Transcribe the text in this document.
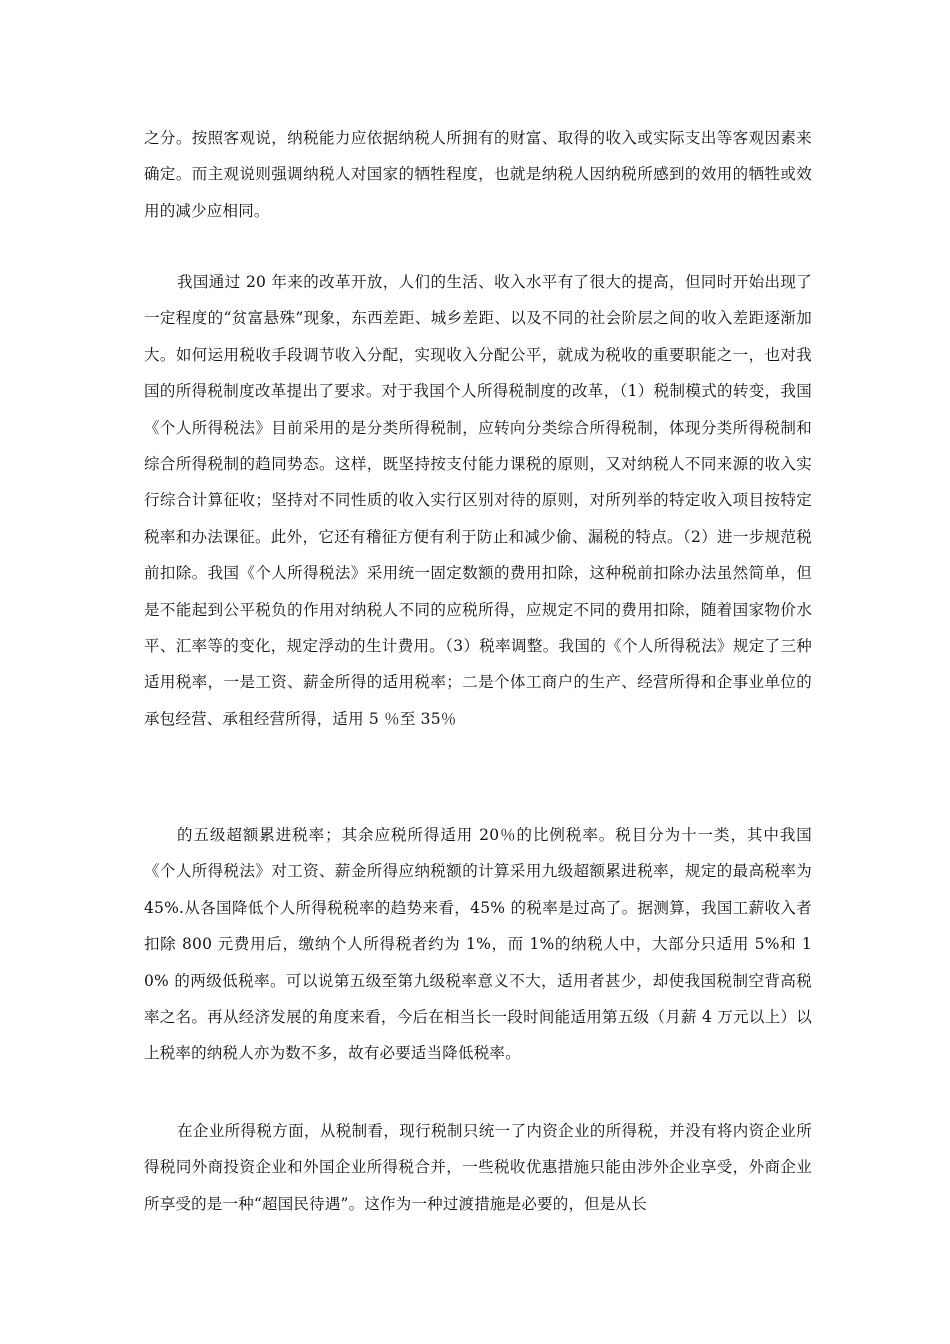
之分。按照客观说，纳税能力应依据纳税人所拥有的财富、取得的收入或实际支出等客观因素来确定。而主观说则强调纳税人对国家的牺牲程度，也就是纳税人因纳税所感到的效用的牺牲或效用的减少应相同。

我国通过 20 年来的改革开放，人们的生活、收入水平有了很大的提高，但同时开始出现了一定程度的“贫富悬殊”现象，东西差距、城乡差距、以及不同的社会阶层之间的收入差距逐渐加大。如何运用税收手段调节收入分配，实现收入分配公平，就成为税收的重要职能之一，也对我国的所得税制度改革提出了要求。对于我国个人所得税制度的改革，（1）税制模式的转变，我国《个人所得税法》目前采用的是分类所得税制，应转向分类综合所得税制，体现分类所得税制和综合所得税制的趋同势态。这样，既坚持按支付能力课税的原则，又对纳税人不同来源的收入实行综合计算征收；坚持对不同性质的收入实行区别对待的原则，对所列举的特定收入项目按特定税率和办法课征。此外，它还有稽征方便有利于防止和减少偷、漏税的特点。（2）进一步规范税前扣除。我国《个人所得税法》采用统一固定数额的费用扣除，这种税前扣除办法虽然简单，但是不能起到公平税负的作用对纳税人不同的应税所得，应规定不同的费用扣除，随着国家物价水平、汇率等的变化，规定浮动的生计费用。（3）税率调整。我国的《个人所得税法》规定了三种适用税率，一是工资、薪金所得的适用税率；二是个体工商户的生产、经营所得和企事业单位的承包经营、承租经营所得，适用 5 ％至 35％

的五级超额累进税率；其余应税所得适用 20％的比例税率。税目分为十一类，其中我国《个人所得税法》对工资、薪金所得应纳税额的计算采用九级超额累进税率，规定的最高税率为 45%.从各国降低个人所得税税率的趋势来看，45% 的税率是过高了。据测算，我国工薪收入者扣除 800 元费用后，缴纳个人所得税者约为 1%，而 1%的纳税人中，大部分只适用 5%和 10% 的两级低税率。可以说第五级至第九级税率意义不大，适用者甚少，却使我国税制空背高税率之名。再从经济发展的角度来看，今后在相当长一段时间能适用第五级（月薪 4 万元以上）以上税率的纳税人亦为数不多，故有必要适当降低税率。

在企业所得税方面，从税制看，现行税制只统一了内资企业的所得税，并没有将内资企业所得税同外商投资企业和外国企业所得税合并，一些税收优惠措施只能由涉外企业享受，外商企业所享受的是一种“超国民待遇”。这作为一种过渡措施是必要的，但是从长
